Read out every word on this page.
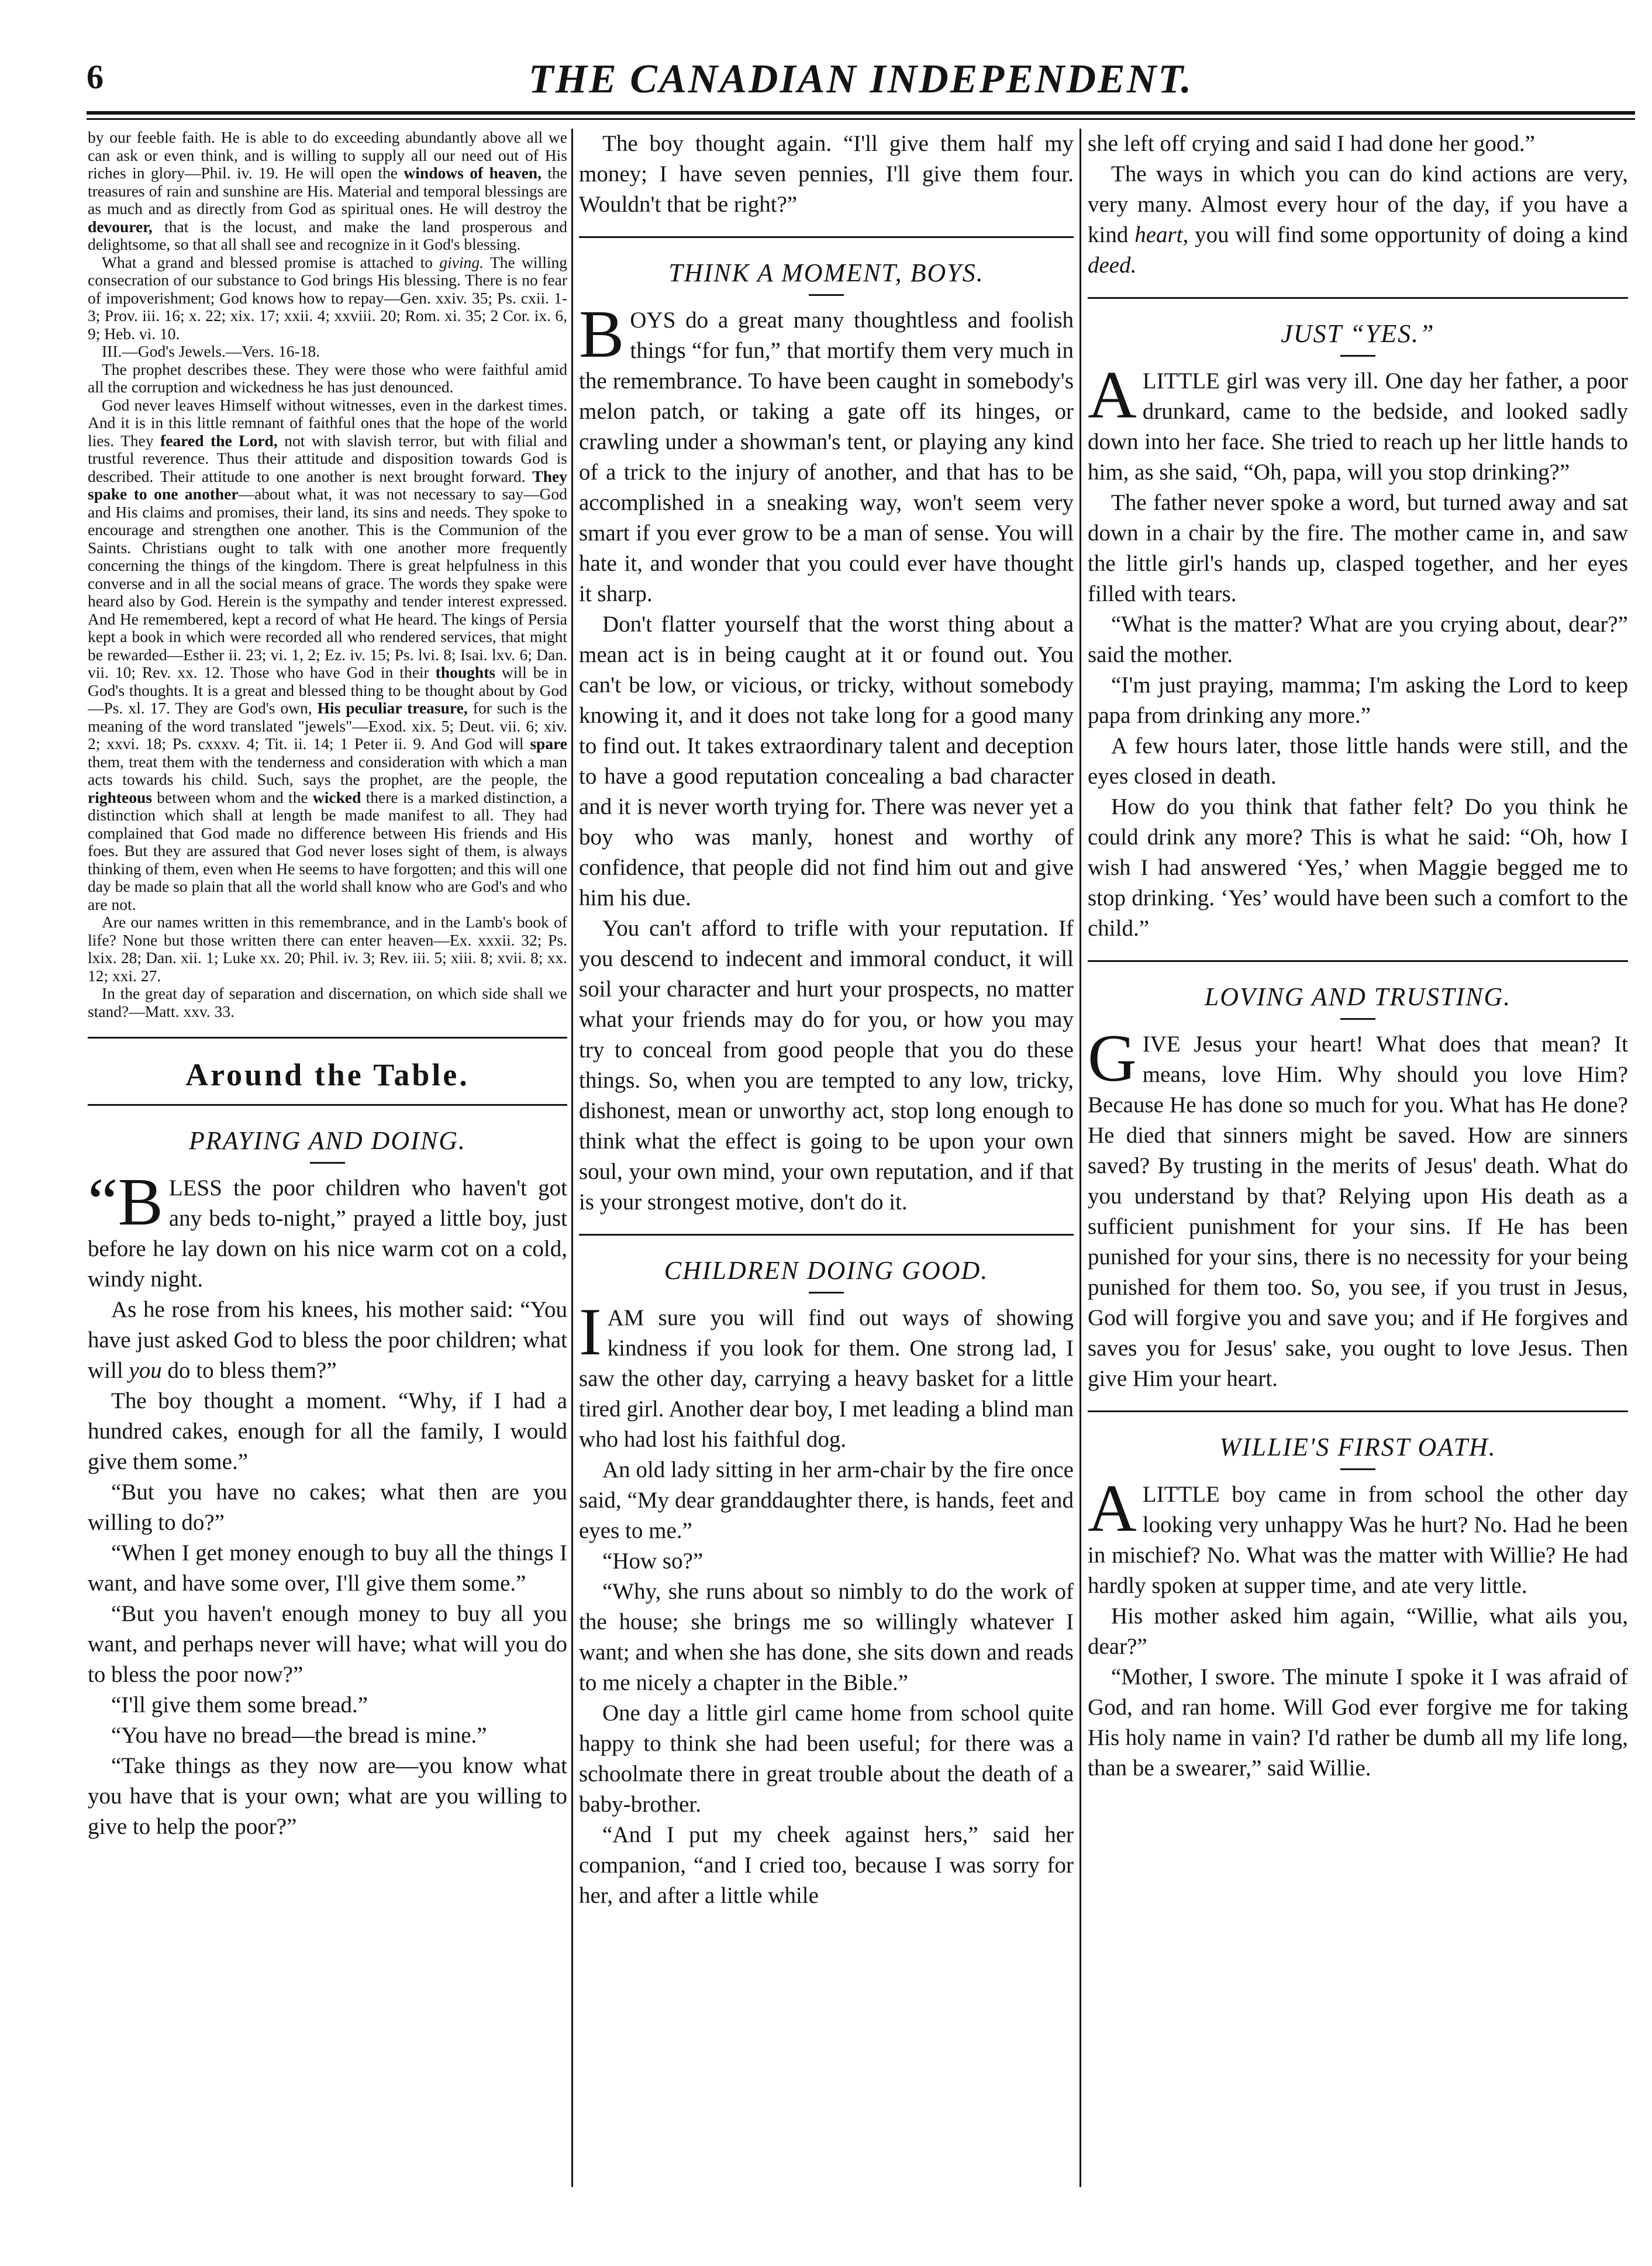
6	THE CANADIAN INDEPENDENT.

by our feeble faith. He is able to do exceeding abundantly above all we can ask or even think, and is willing to supply all our need out of His riches in glory—Phil. iv. 19. He will open the windows of heaven, the treasures of rain and sunshine are His. Material and temporal blessings are as much and as directly from God as spiritual ones. He will destroy the devourer, that is the locust, and make the land prosperous and delightsome, so that all shall see and recognize in it God's blessing.

What a grand and blessed promise is attached to giving. The willing consecration of our substance to God brings His blessing. There is no fear of impoverishment; God knows how to repay—Gen. xxiv. 35; Ps. cxii. 1-3; Prov. iii. 16; x. 22; xix. 17; xxii. 4; xxviii. 20; Rom. xi. 35; 2 Cor. ix. 6, 9; Heb. vi. 10.

III.—God's Jewels.—Vers. 16-18.

The prophet describes these. They were those who were faithful amid all the corruption and wickedness he has just denounced.

God never leaves Himself without witnesses, even in the darkest times. And it is in this little remnant of faithful ones that the hope of the world lies. They feared the Lord, not with slavish terror, but with filial and trustful reverence. Thus their attitude and disposition towards God is described. Their attitude to one another is next brought forward. They spake to one another—about what, it was not necessary to say—God and His claims and promises, their land, its sins and needs. They spoke to encourage and strengthen one another. This is the Communion of the Saints. Christians ought to talk with one another more frequently concerning the things of the kingdom. There is great helpfulness in this converse and in all the social means of grace. The words they spake were heard also by God. Herein is the sympathy and tender interest expressed. And He remembered, kept a record of what He heard. The kings of Persia kept a book in which were recorded all who rendered services, that might be rewarded—Esther ii. 23; vi. 1, 2; Ez. iv. 15; Ps. lvi. 8; Isai. lxv. 6; Dan. vii. 10; Rev. xx. 12. Those who have God in their thoughts will be in God's thoughts. It is a great and blessed thing to be thought about by God—Ps. xl. 17. They are God's own, His peculiar treasure, for such is the meaning of the word translated "jewels"—Exod. xix. 5; Deut. vii. 6; xiv. 2; xxvi. 18; Ps. cxxxv. 4; Tit. ii. 14; 1 Peter ii. 9. And God will spare them, treat them with the tenderness and consideration with which a man acts towards his child. Such, says the prophet, are the people, the righteous between whom and the wicked there is a marked distinction, a distinction which shall at length be made manifest to all. They had complained that God made no difference between His friends and His foes. But they are assured that God never loses sight of them, is always thinking of them, even when He seems to have forgotten; and this will one day be made so plain that all the world shall know who are God's and who are not.

Are our names written in this remembrance, and in the Lamb's book of life? None but those written there can enter heaven—Ex. xxxii. 32; Ps. lxix. 28; Dan. xii. 1; Luke xx. 20; Phil. iv. 3; Rev. iii. 5; xiii. 8; xvii. 8; xx. 12; xxi. 27.

In the great day of separation and discernation, on which side shall we stand?—Matt. xxv. 33.

Around the Table.
PRAYING AND DOING.

“BLESS the poor children who haven't got any beds to-night,” prayed a little boy, just before he lay down on his nice warm cot on a cold, windy night.

As he rose from his knees, his mother said: “You have just asked God to bless the poor children; what will you do to bless them?”

The boy thought a moment. “Why, if I had a hundred cakes, enough for all the family, I would give them some.”

“But you have no cakes; what then are you willing to do?”

“When I get money enough to buy all the things I want, and have some over, I'll give them some.”

“But you haven't enough money to buy all you want, and perhaps never will have; what will you do to bless the poor now?”

“I'll give them some bread.”

“You have no bread—the bread is mine.”

“Take things as they now are—you know what you have that is your own; what are you willing to give to help the poor?”

The boy thought again. “I'll give them half my money; I have seven pennies, I'll give them four. Wouldn't that be right?”

THINK A MOMENT, BOYS.

BOYS do a great many thoughtless and foolish things “for fun,” that mortify them very much in the remembrance. To have been caught in somebody's melon patch, or taking a gate off its hinges, or crawling under a showman's tent, or playing any kind of a trick to the injury of another, and that has to be accomplished in a sneaking way, won't seem very smart if you ever grow to be a man of sense. You will hate it, and wonder that you could ever have thought it sharp.

Don't flatter yourself that the worst thing about a mean act is in being caught at it or found out. You can't be low, or vicious, or tricky, without somebody knowing it, and it does not take long for a good many to find out. It takes extraordinary talent and deception to have a good reputation concealing a bad character and it is never worth trying for. There was never yet a boy who was manly, honest and worthy of confidence, that people did not find him out and give him his due.

You can't afford to trifle with your reputation. If you descend to indecent and immoral conduct, it will soil your character and hurt your prospects, no matter what your friends may do for you, or how you may try to conceal from good people that you do these things. So, when you are tempted to any low, tricky, dishonest, mean or unworthy act, stop long enough to think what the effect is going to be upon your own soul, your own mind, your own reputation, and if that is your strongest motive, don't do it.

CHILDREN DOING GOOD.

IAM sure you will find out ways of showing kindness if you look for them. One strong lad, I saw the other day, carrying a heavy basket for a little tired girl. Another dear boy, I met leading a blind man who had lost his faithful dog.

An old lady sitting in her arm-chair by the fire once said, “My dear granddaughter there, is hands, feet and eyes to me.”

“How so?”

“Why, she runs about so nimbly to do the work of the house; she brings me so willingly whatever I want; and when she has done, she sits down and reads to me nicely a chapter in the Bible.”

One day a little girl came home from school quite happy to think she had been useful; for there was a schoolmate there in great trouble about the death of a baby-brother.

“And I put my cheek against hers,” said her companion, “and I cried too, because I was sorry for her, and after a little while

she left off crying and said I had done her good.”

The ways in which you can do kind actions are very, very many. Almost every hour of the day, if you have a kind heart, you will find some opportunity of doing a kind deed.

JUST “YES.”

ALITTLE girl was very ill. One day her father, a poor drunkard, came to the bedside, and looked sadly down into her face. She tried to reach up her little hands to him, as she said, “Oh, papa, will you stop drinking?”

The father never spoke a word, but turned away and sat down in a chair by the fire. The mother came in, and saw the little girl's hands up, clasped together, and her eyes filled with tears.

“What is the matter? What are you crying about, dear?” said the mother.

“I'm just praying, mamma; I'm asking the Lord to keep papa from drinking any more.”

A few hours later, those little hands were still, and the eyes closed in death.

How do you think that father felt? Do you think he could drink any more? This is what he said: “Oh, how I wish I had answered ‘Yes,’ when Maggie begged me to stop drinking. ‘Yes’ would have been such a comfort to the child.”

LOVING AND TRUSTING.

GIVE Jesus your heart! What does that mean? It means, love Him. Why should you love Him? Because He has done so much for you. What has He done? He died that sinners might be saved. How are sinners saved? By trusting in the merits of Jesus' death. What do you understand by that? Relying upon His death as a sufficient punishment for your sins. If He has been punished for your sins, there is no necessity for your being punished for them too. So, you see, if you trust in Jesus, God will forgive you and save you; and if He forgives and saves you for Jesus' sake, you ought to love Jesus. Then give Him your heart.

WILLIE'S FIRST OATH.

ALITTLE boy came in from school the other day looking very unhappy Was he hurt? No. Had he been in mischief? No. What was the matter with Willie? He had hardly spoken at supper time, and ate very little.

His mother asked him again, “Willie, what ails you, dear?”

“Mother, I swore. The minute I spoke it I was afraid of God, and ran home. Will God ever forgive me for taking His holy name in vain? I'd rather be dumb all my life long, than be a swearer,” said Willie.
